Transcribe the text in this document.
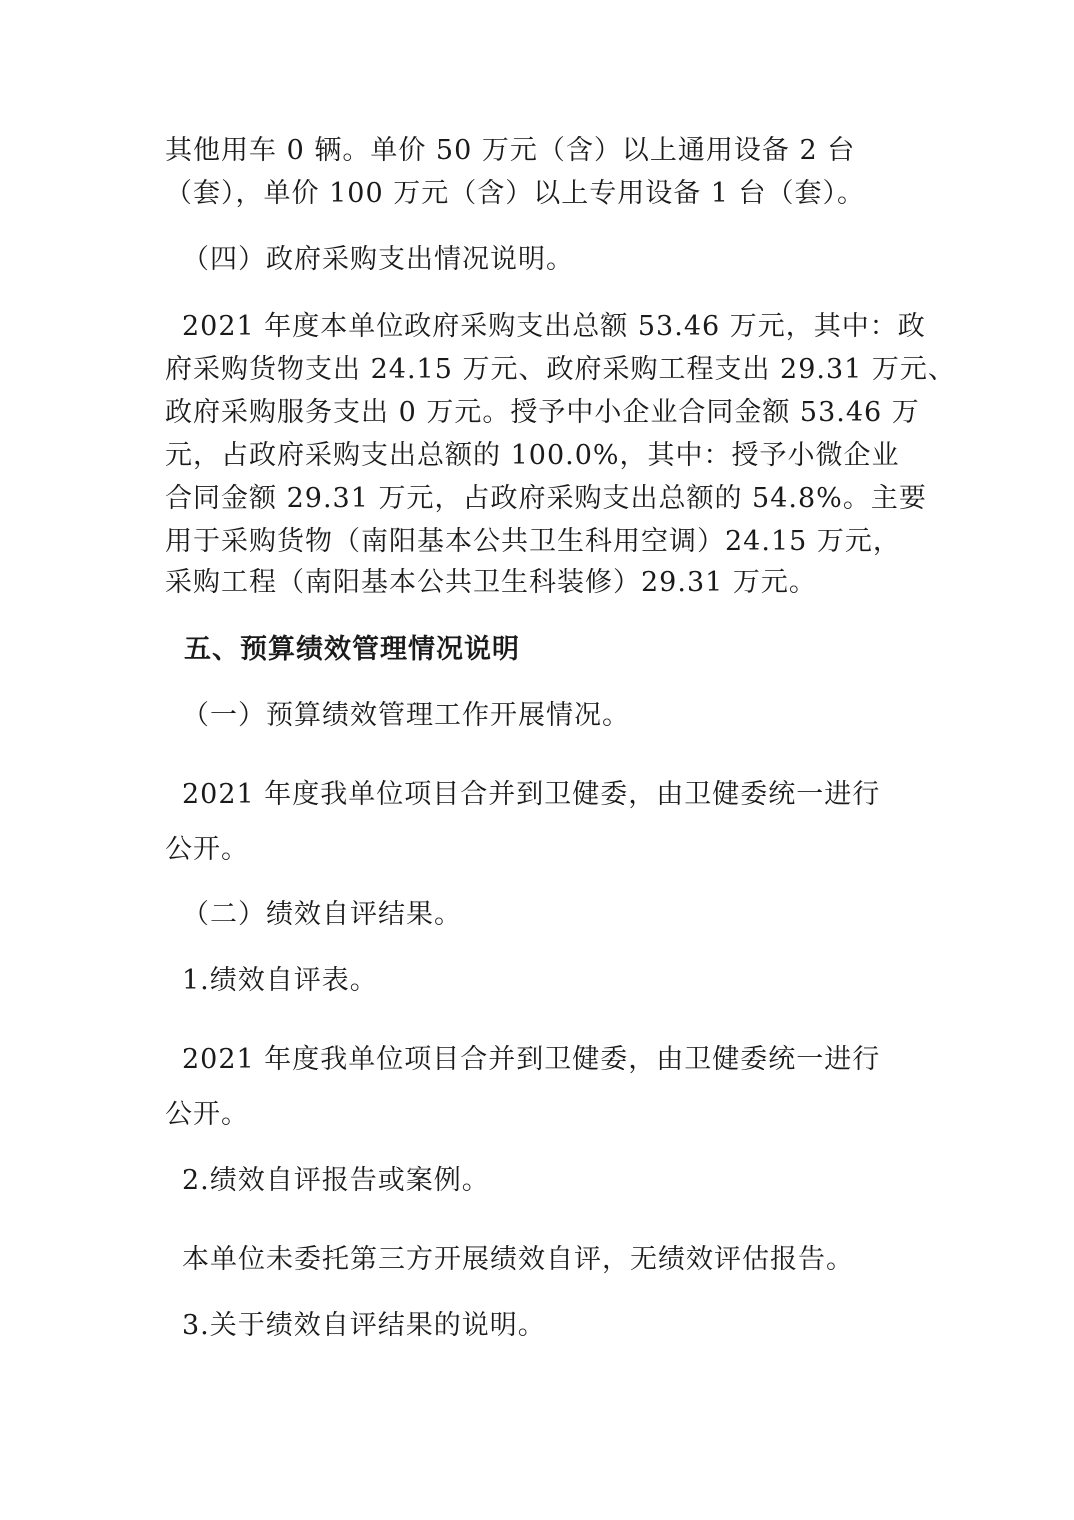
其他用车 0 辆。单价 50 万元（含）以上通用设备 2 台
（套），单价 100 万元（含）以上专用设备 1 台（套）。
（四）政府采购支出情况说明。
2021 年度本单位政府采购支出总额 53.46 万元，其中：政
府采购货物支出 24.15 万元、政府采购工程支出 29.31 万元、
政府采购服务支出 0 万元。授予中小企业合同金额 53.46 万
元，占政府采购支出总额的 100.0%，其中：授予小微企业
合同金额 29.31 万元，占政府采购支出总额的 54.8%。主要
用于采购货物（南阳基本公共卫生科用空调）24.15 万元，
采购工程（南阳基本公共卫生科装修）29.31 万元。
五、预算绩效管理情况说明
（一）预算绩效管理工作开展情况。
2021 年度我单位项目合并到卫健委，由卫健委统一进行
公开。
（二）绩效自评结果。
1.绩效自评表。
2021 年度我单位项目合并到卫健委，由卫健委统一进行
公开。
2.绩效自评报告或案例。
本单位未委托第三方开展绩效自评，无绩效评估报告。
3.关于绩效自评结果的说明。
